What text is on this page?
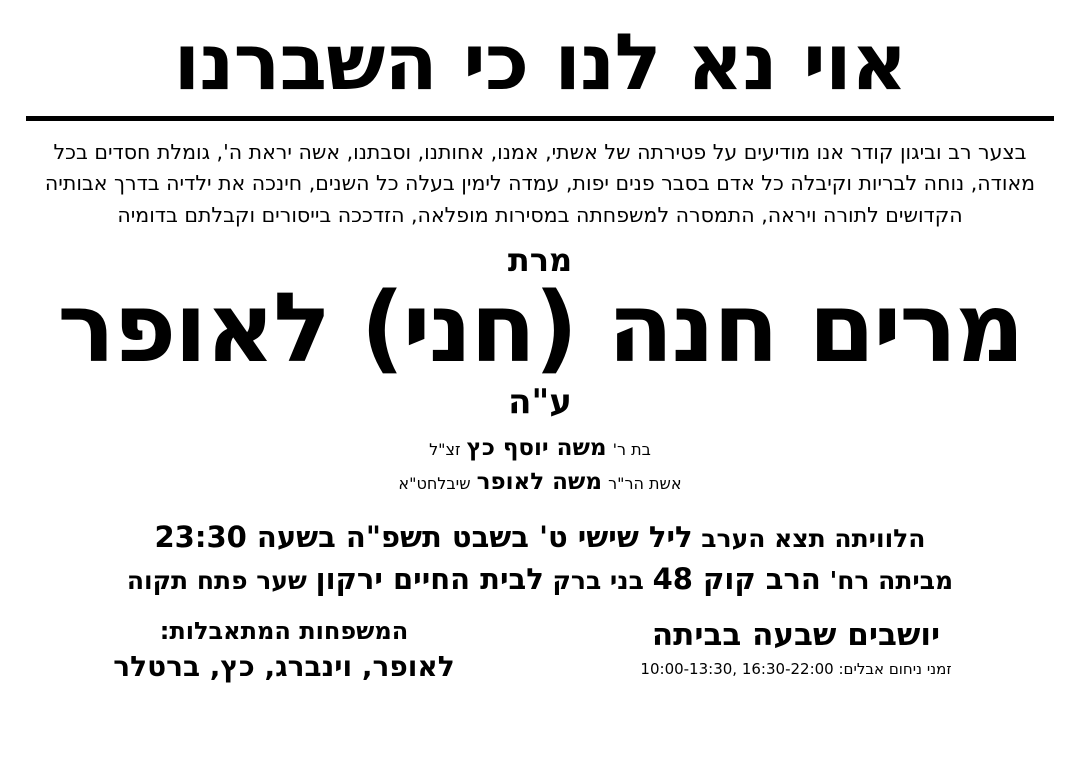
אוי נא לנו כי השברנו

בצער רב וביגון קודר אנו מודיעים על פטירתה של אשתי, אמנו, אחותנו, וסבתנו, אשה יראת ה', גומלת חסדים בכל מאודה, נוחה לבריות וקיבלה כל אדם בסבר פנים יפות, עמדה לימין בעלה כל השנים, חינכה את ילדיה בדרך אבותיה הקדושים לתורה ויראה, התמסרה למשפחתה במסירות מופלאה, הזדככה בייסורים וקבלתם בדומיה

מרת
מרים חנה (חני) לאופר
ע"ה
בת ר' משה יוסף כץ זצ"ל
אשת הר"ר משה לאופר שיבלחט"א
הלוויתה תצא הערב ליל שישי ט' בשבט תשפ"ה בשעה 23:30
מביתה רח' הרב קוק 48 בני ברק לבית החיים ירקון שער פתח תקוה
יושבים שבעה בביתה
זמני ניחום אבלים: 16:30-22:00 ,10:00-13:30
המשפחות המתאבלות:
לאופר, וינברג, כץ, ברטלר
